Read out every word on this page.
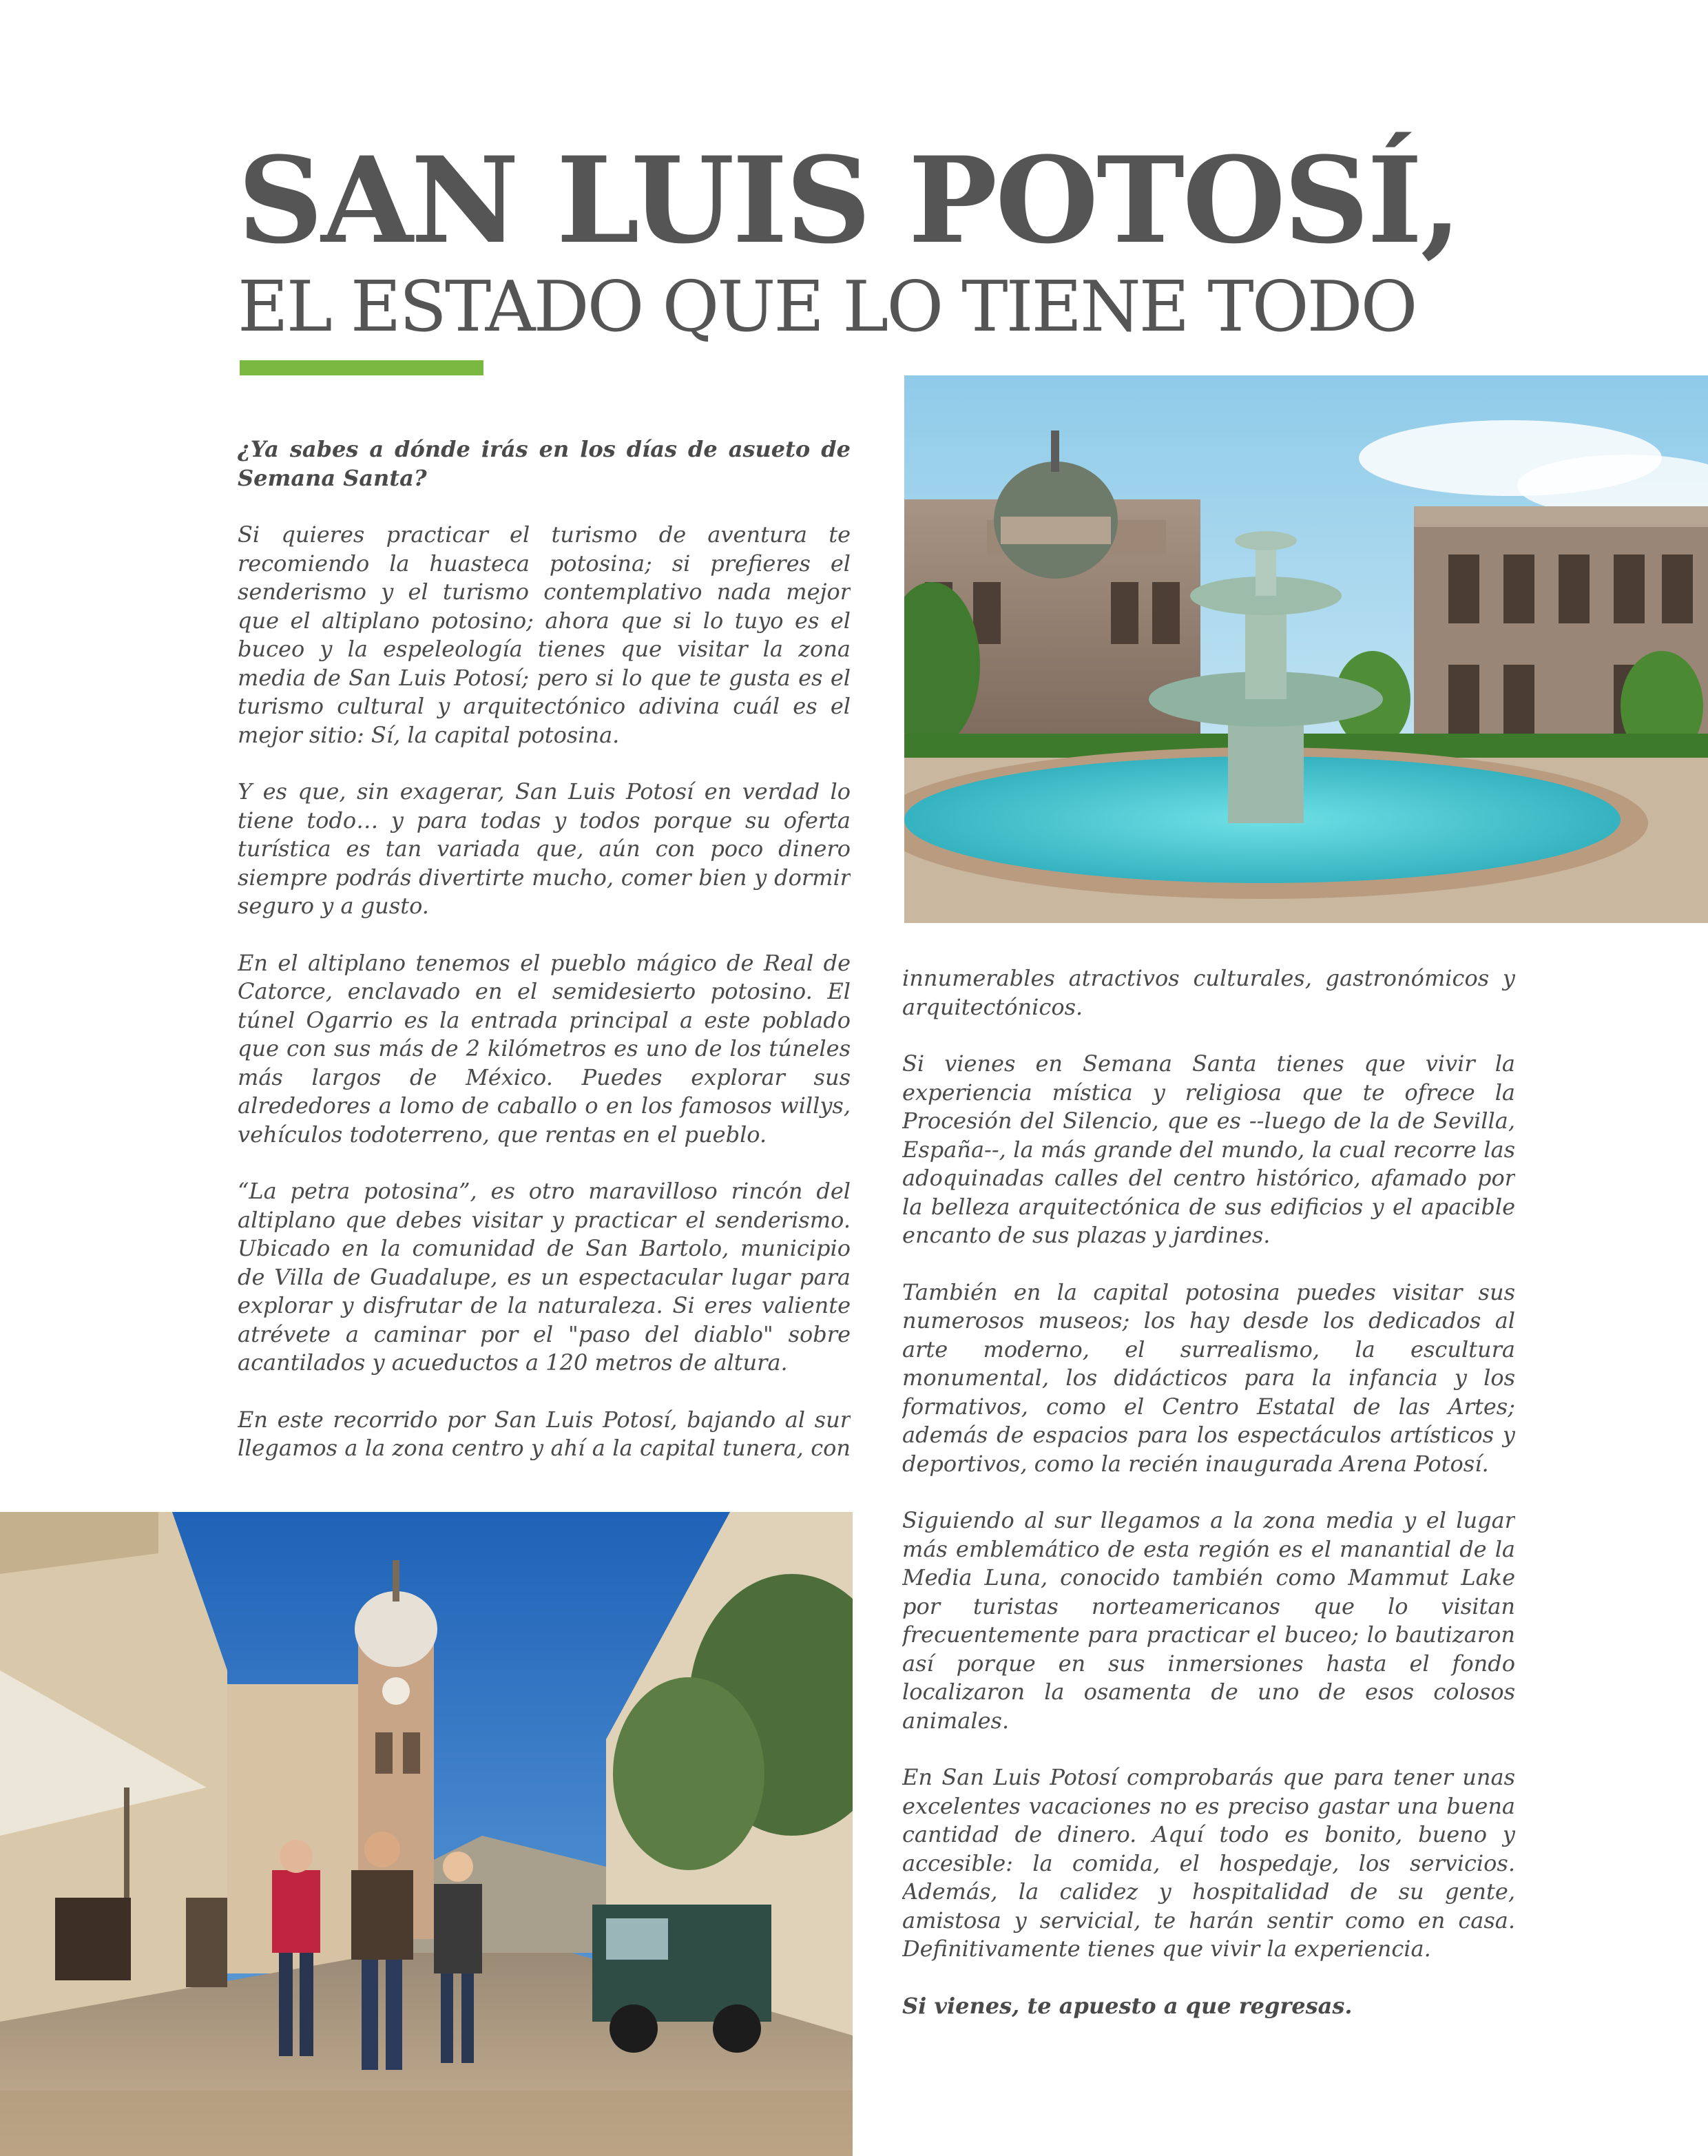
SAN LUIS POTOSÍ,
EL ESTADO QUE LO TIENE TODO

¿Ya sabes a dónde irás en los días de asueto de Semana Santa?

Si quieres practicar el turismo de aventura te recomiendo la huasteca potosina; si prefieres el senderismo y el turismo contemplativo nada mejor que el altiplano potosino; ahora que si lo tuyo es el buceo y la espeleología tienes que visitar la zona media de San Luis Potosí; pero si lo que te gusta es el turismo cultural y arquitectónico adivina cuál es el mejor sitio: Sí, la capital potosina.

Y es que, sin exagerar, San Luis Potosí en verdad lo tiene todo… y para todas y todos porque su oferta turística es tan variada que, aún con poco dinero siempre podrás divertirte mucho, comer bien y dormir seguro y a gusto.

En el altiplano tenemos el pueblo mágico de Real de Catorce, enclavado en el semidesierto potosino. El túnel Ogarrio es la entrada principal a este poblado que con sus más de 2 kilómetros es uno de los túneles más largos de México. Puedes explorar sus alrededores a lomo de caballo o en los famosos willys, vehículos todoterreno, que rentas en el pueblo.

“La petra potosina”, es otro maravilloso rincón del altiplano que debes visitar y practicar el senderismo. Ubicado en la comunidad de San Bartolo, municipio de Villa de Guadalupe, es un espectacular lugar para explorar y disfrutar de la naturaleza. Si eres valiente atrévete a caminar por el "paso del diablo" sobre acantilados y acueductos a 120 metros de altura.

En este recorrido por San Luis Potosí, bajando al sur llegamos a la zona centro y ahí a la capital tunera, con

innumerables atractivos culturales, gastronómicos y arquitectónicos.

Si vienes en Semana Santa tienes que vivir la experiencia mística y religiosa que te ofrece la Procesión del Silencio, que es --luego de la de Sevilla, España--, la más grande del mundo, la cual recorre las adoquinadas calles del centro histórico, afamado por la belleza arquitectónica de sus edificios y el apacible encanto de sus plazas y jardines.

También en la capital potosina puedes visitar sus numerosos museos; los hay desde los dedicados al arte moderno, el surrealismo, la escultura monumental, los didácticos para la infancia y los formativos, como el Centro Estatal de las Artes; además de espacios para los espectáculos artísticos y deportivos, como la recién inaugurada Arena Potosí.

Siguiendo al sur llegamos a la zona media y el lugar más emblemático de esta región es el manantial de la Media Luna, conocido también como Mammut Lake por turistas norteamericanos que lo visitan frecuentemente para practicar el buceo; lo bautizaron así porque en sus inmersiones hasta el fondo localizaron la osamenta de uno de esos colosos animales.

En San Luis Potosí comprobarás que para tener unas excelentes vacaciones no es preciso gastar una buena cantidad de dinero. Aquí todo es bonito, bueno y accesible: la comida, el hospedaje, los servicios. Además, la calidez y hospitalidad de su gente, amistosa y servicial, te harán sentir como en casa. Definitivamente tienes que vivir la experiencia.

Si vienes, te apuesto a que regresas.
